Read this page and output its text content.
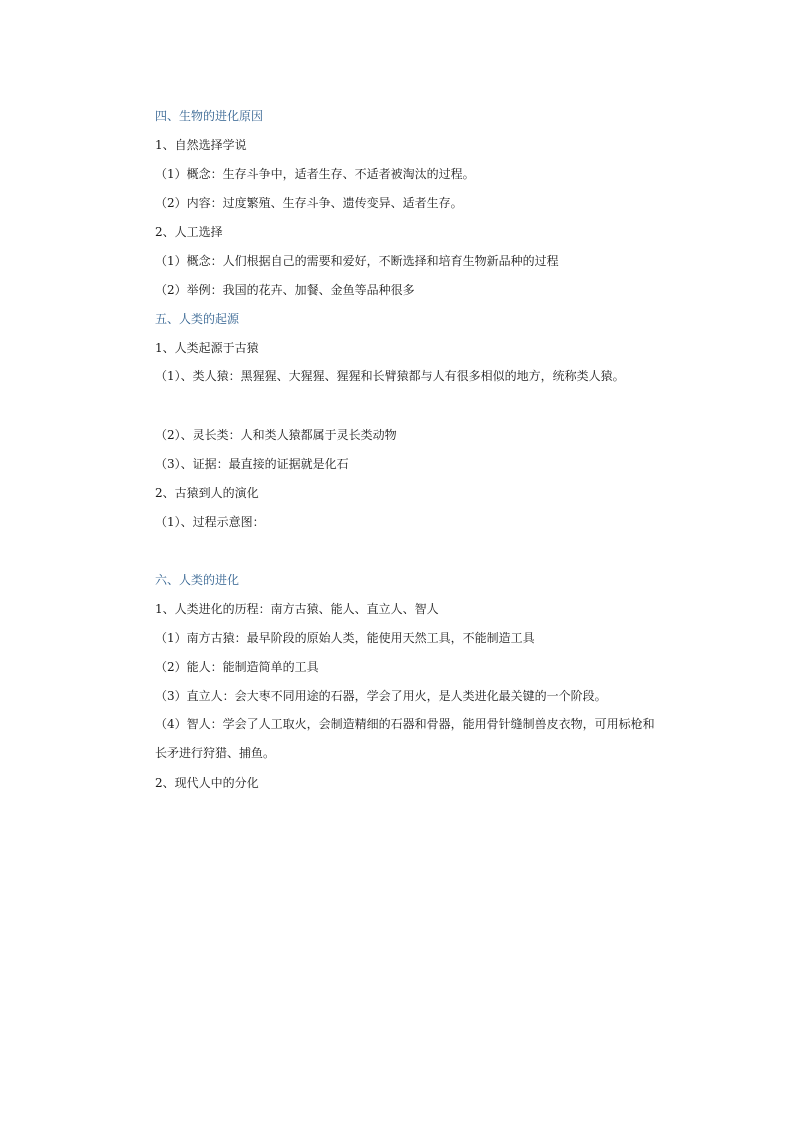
四、生物的进化原因
1、自然选择学说
（1）概念：生存斗争中，适者生存、不适者被淘汰的过程。
（2）内容：过度繁殖、生存斗争、遗传变异、适者生存。
2、人工选择
（1）概念：人们根据自己的需要和爱好，不断选择和培育生物新品种的过程
（2）举例：我国的花卉、加餐、金鱼等品种很多
五、人类的起源
1、人类起源于古猿
（1）、类人猿：黑猩猩、大猩猩、猩猩和长臂猿都与人有很多相似的地方，统称类人猿。
（2）、灵长类：人和类人猿都属于灵长类动物
（3）、证据：最直接的证据就是化石
2、古猿到人的演化
（1）、过程示意图：
六、人类的进化
1、人类进化的历程：南方古猿、能人、直立人、智人
（1）南方古猿：最早阶段的原始人类，能使用天然工具，不能制造工具
（2）能人：能制造简单的工具
（3）直立人：会大枣不同用途的石器，学会了用火，是人类进化最关键的一个阶段。
（4）智人：学会了人工取火，会制造精细的石器和骨器，能用骨针缝制兽皮衣物，可用标枪和长矛进行狩猎、捕鱼。
2、现代人中的分化
